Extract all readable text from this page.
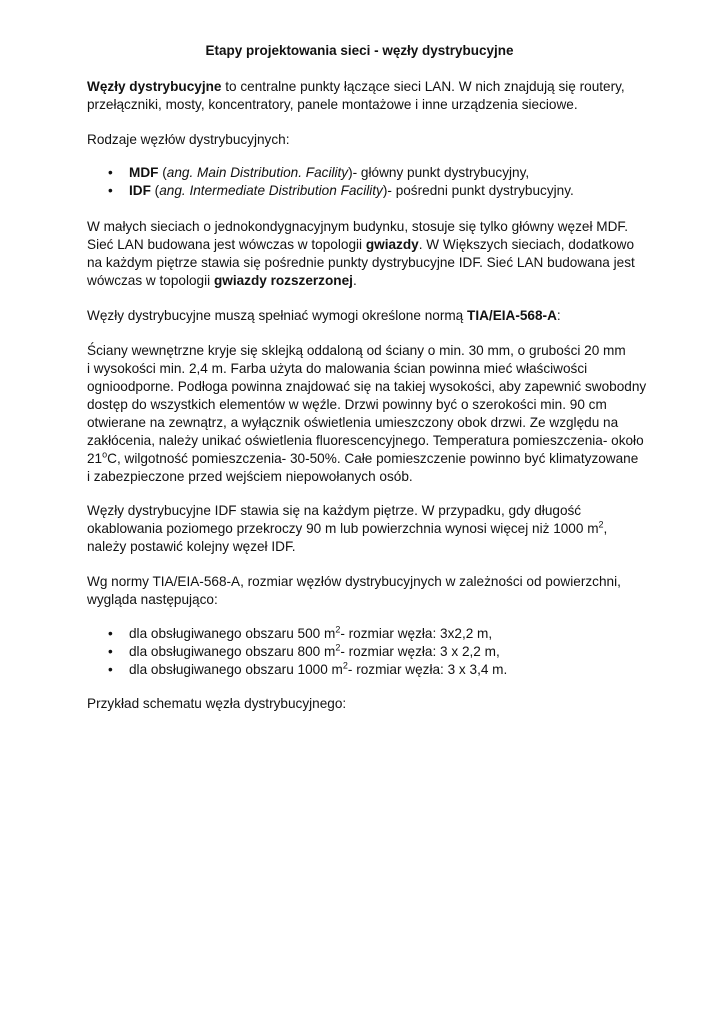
Etapy projektowania sieci - węzły dystrybucyjne
Węzły dystrybucyjne to centralne punkty łączące sieci LAN. W nich znajdują się routery,
przełączniki, mosty, koncentratory, panele montażowe i inne urządzenia sieciowe.
Rodzaje węzłów dystrybucyjnych:
• MDF (ang. Main Distribution. Facility)- główny punkt dystrybucyjny,
• IDF (ang. Intermediate Distribution Facility)- pośredni punkt dystrybucyjny.
W małych sieciach o jednokondygnacyjnym budynku, stosuje się tylko główny węzeł MDF.
Sieć LAN budowana jest wówczas w topologii gwiazdy. W Większych sieciach, dodatkowo
na każdym piętrze stawia się pośrednie punkty dystrybucyjne IDF. Sieć LAN budowana jest
wówczas w topologii gwiazdy rozszerzonej.
Węzły dystrybucyjne muszą spełniać wymogi określone normą TIA/EIA-568-A:
Ściany wewnętrzne kryje się sklejką oddaloną od ściany o min. 30 mm, o grubości 20 mm
i wysokości min. 2,4 m. Farba użyta do malowania ścian powinna mieć właściwości
ognioodporne. Podłoga powinna znajdować się na takiej wysokości, aby zapewnić swobodny
dostęp do wszystkich elementów w węźle. Drzwi powinny być o szerokości min. 90 cm
otwierane na zewnątrz, a wyłącznik oświetlenia umieszczony obok drzwi. Ze względu na
zakłócenia, należy unikać oświetlenia fluorescencyjnego. Temperatura pomieszczenia- około
21$^o$C, wilgotność pomieszczenia- 30-50%. Całe pomieszczenie powinno być klimatyzowane
i zabezpieczone przed wejściem niepowołanych osób.
Węzły dystrybucyjne IDF stawia się na każdym piętrze. W przypadku, gdy długość
okablowania poziomego przekroczy 90 m lub powierzchnia wynosi więcej niż 1000 $m^2$,
należy postawić kolejny węzeł IDF.
Wg normy TIA/EIA-568-A, rozmiar węzłów dystrybucyjnych w zależności od powierzchni,
wygląda następująco:
• dla obsługiwanego obszaru 500 $m^2-$ rozmiar węzła: 3x2,2 m,
• dla obsługiwanego obszaru 800 $m^2-$ rozmiar węzła: 3 x 2,2 m,
• dla obsługiwanego obszaru 1000 $m^2-$ rozmiar węzła: 3 x 3,4 m.
Przykład schematu węzła dystrybucyjnego:
